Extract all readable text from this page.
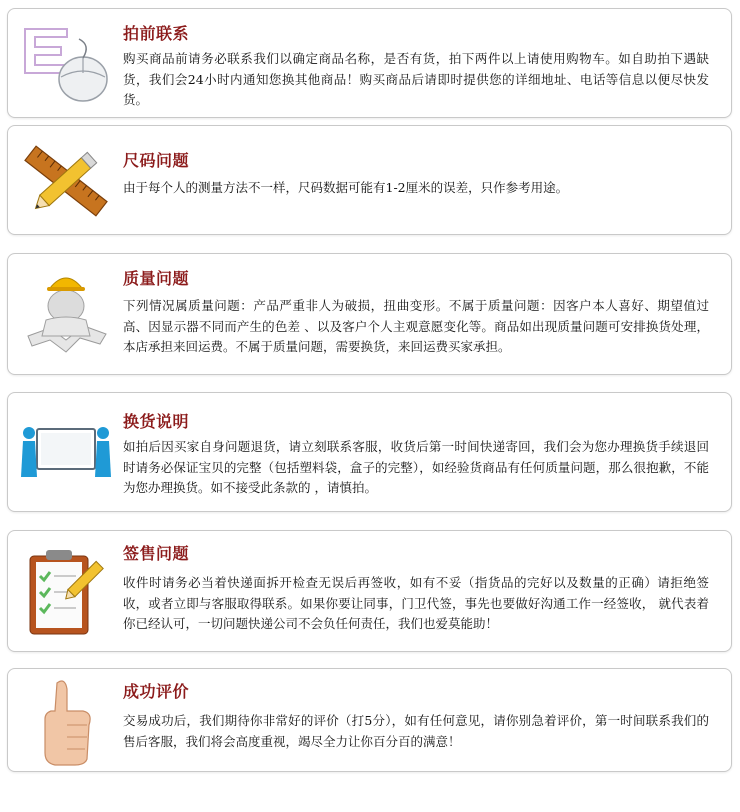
拍前联系

购买商品前请务必联系我们以确定商品名称，是否有货，拍下两件以上请使用购物车。如自助拍下遇缺货，我们会24小时内通知您换其他商品！购买商品后请即时提供您的详细地址、电话等信息以便尽快发货。

尺码问题

由于每个人的测量方法不一样，尺码数据可能有1-2厘米的误差，只作参考用途。

质量问题

下列情况属质量问题：产品严重非人为破损，扭曲变形。不属于质量问题：因客户本人喜好、期望值过高、因显示器不同而产生的色差 、以及客户个人主观意愿变化等。商品如出现质量问题可安排换货处理，本店承担来回运费。不属于质量问题，需要换货，来回运费买家承担。

换货说明

如拍后因买家自身问题退货，请立刻联系客服，收货后第一时间快递寄回，我们会为您办理换货手续退回时请务必保证宝贝的完整（包括塑料袋，盒子的完整），如经验货商品有任何质量问题，那么很抱歉，不能为您办理换货。如不接受此条款的 ，请慎拍。

签售问题

收件时请务必当着快递面拆开检查无误后再签收，如有不妥（指货品的完好以及数量的正确）请拒绝签收，或者立即与客服取得联系。如果你要让同事，门卫代签，事先也要做好沟通工作一经签收， 就代表着你已经认可，一切问题快递公司不会负任何责任，我们也爱莫能助！

成功评价

交易成功后，我们期待你非常好的评价（打5分），如有任何意见，请你别急着评价，第一时间联系我们的售后客服，我们将会高度重视，竭尽全力让你百分百的满意！
